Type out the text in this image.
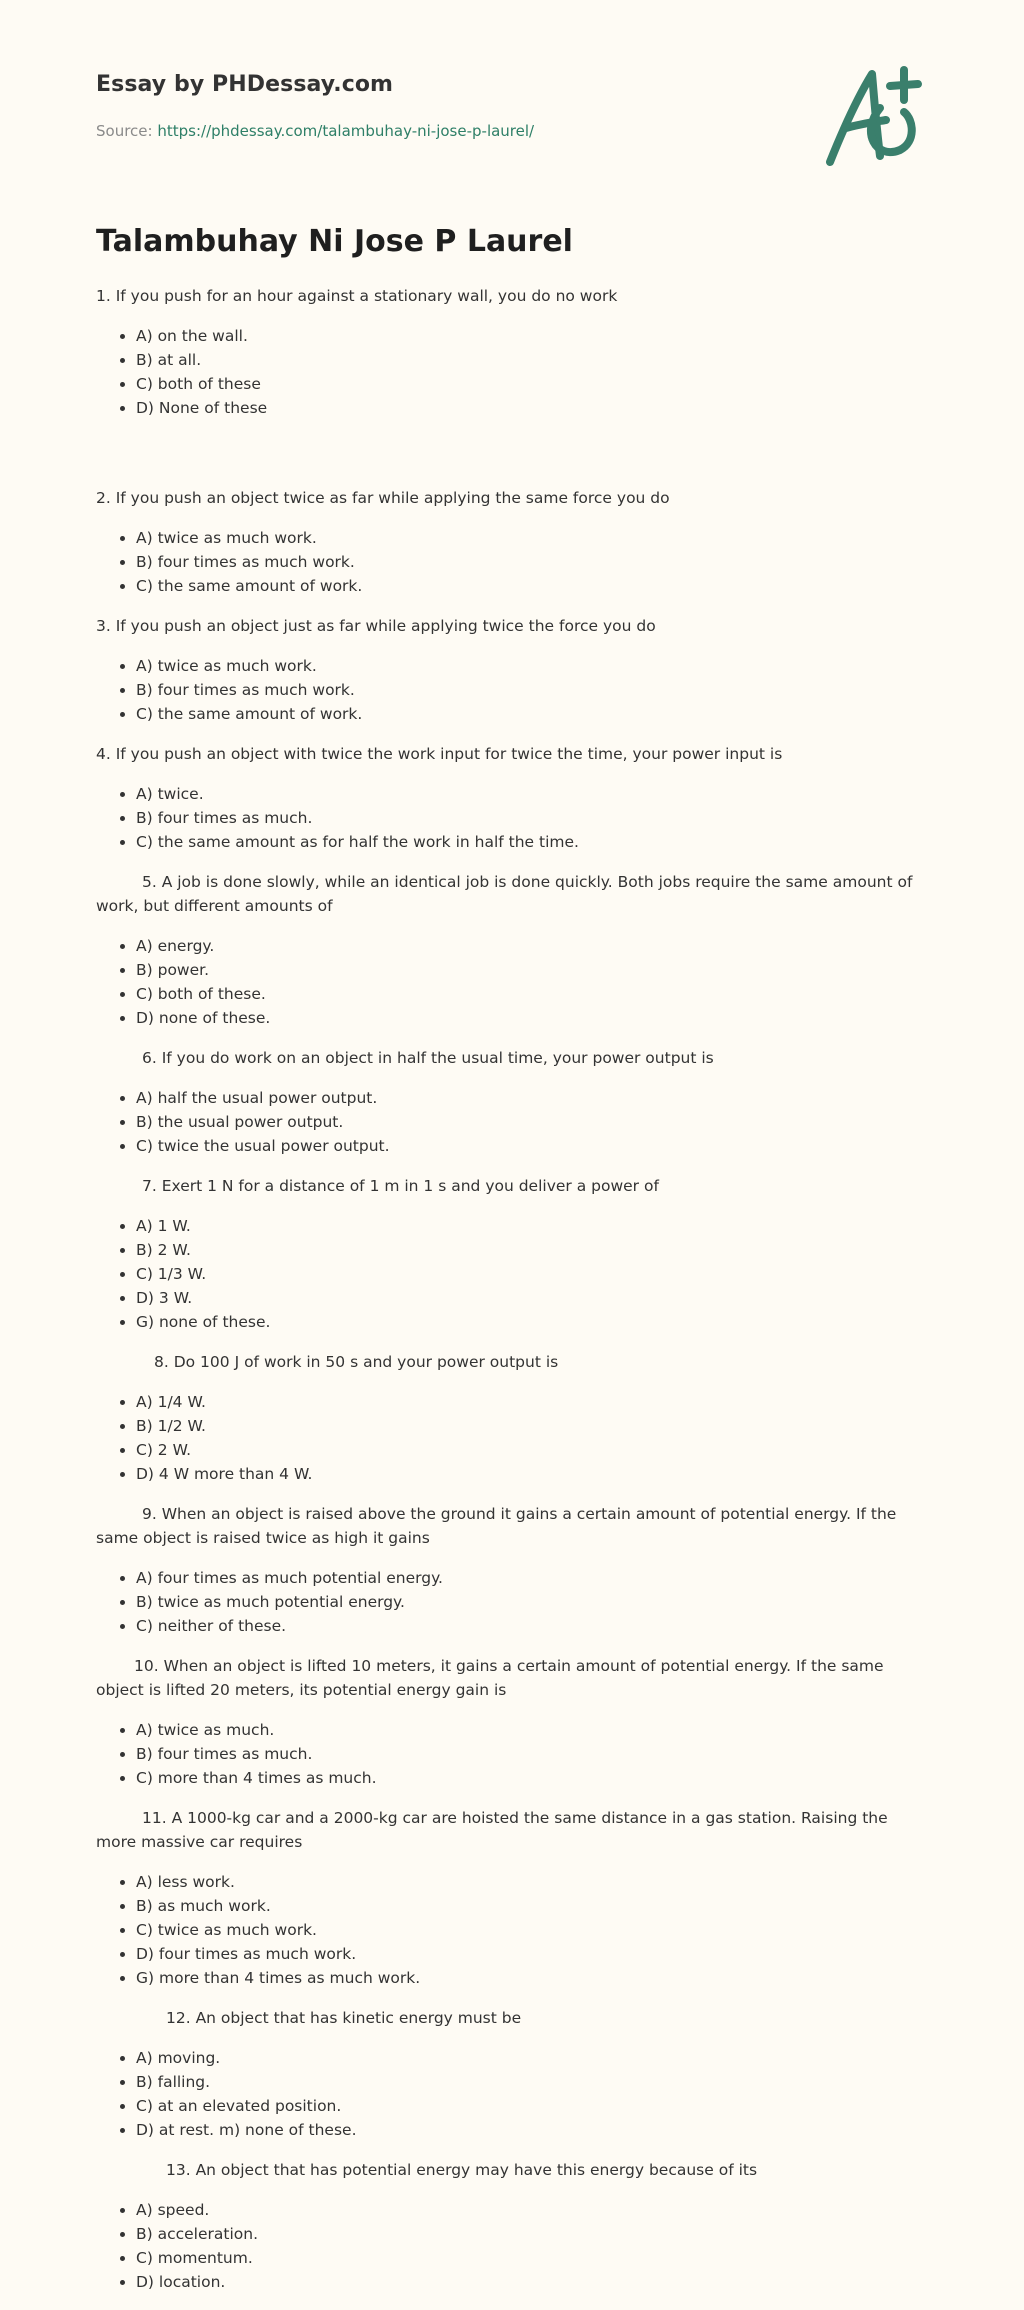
Essay by PHDessay.com
Source: https://phdessay.com/talambuhay-ni-jose-p-laurel/
Talambuhay Ni Jose P Laurel

1. If you push for an hour against a stationary wall, you do no work

• A) on the wall.
• B) at all.
• C) both of these
• D) None of these

2. If you push an object twice as far while applying the same force you do

• A) twice as much work.
• B) four times as much work.
• C) the same amount of work.

3. If you push an object just as far while applying twice the force you do

• A) twice as much work.
• B) four times as much work.
• C) the same amount of work.

4. If you push an object with twice the work input for twice the time, your power input is

• A) twice.
• B) four times as much.
• C) the same amount as for half the work in half the time.

5. A job is done slowly, while an identical job is done quickly. Both jobs require the same amount of work, but different amounts of

• A) energy.
• B) power.
• C) both of these.
• D) none of these.

6. If you do work on an object in half the usual time, your power output is

• A) half the usual power output.
• B) the usual power output.
• C) twice the usual power output.

7. Exert 1 N for a distance of 1 m in 1 s and you deliver a power of

• A) 1 W.
• B) 2 W.
• C) 1/3 W.
• D) 3 W.
• G) none of these.

8. Do 100 J of work in 50 s and your power output is

• A) 1/4 W.
• B) 1/2 W.
• C) 2 W.
• D) 4 W more than 4 W.

9. When an object is raised above the ground it gains a certain amount of potential energy. If the same object is raised twice as high it gains

• A) four times as much potential energy.
• B) twice as much potential energy.
• C) neither of these.

10. When an object is lifted 10 meters, it gains a certain amount of potential energy. If the same object is lifted 20 meters, its potential energy gain is

• A) twice as much.
• B) four times as much.
• C) more than 4 times as much.

11. A 1000-kg car and a 2000-kg car are hoisted the same distance in a gas station. Raising the more massive car requires

• A) less work.
• B) as much work.
• C) twice as much work.
• D) four times as much work.
• G) more than 4 times as much work.

12. An object that has kinetic energy must be

• A) moving.
• B) falling.
• C) at an elevated position.
• D) at rest. m) none of these.

13. An object that has potential energy may have this energy because of its

• A) speed.
• B) acceleration.
• C) momentum.
• D) location.
